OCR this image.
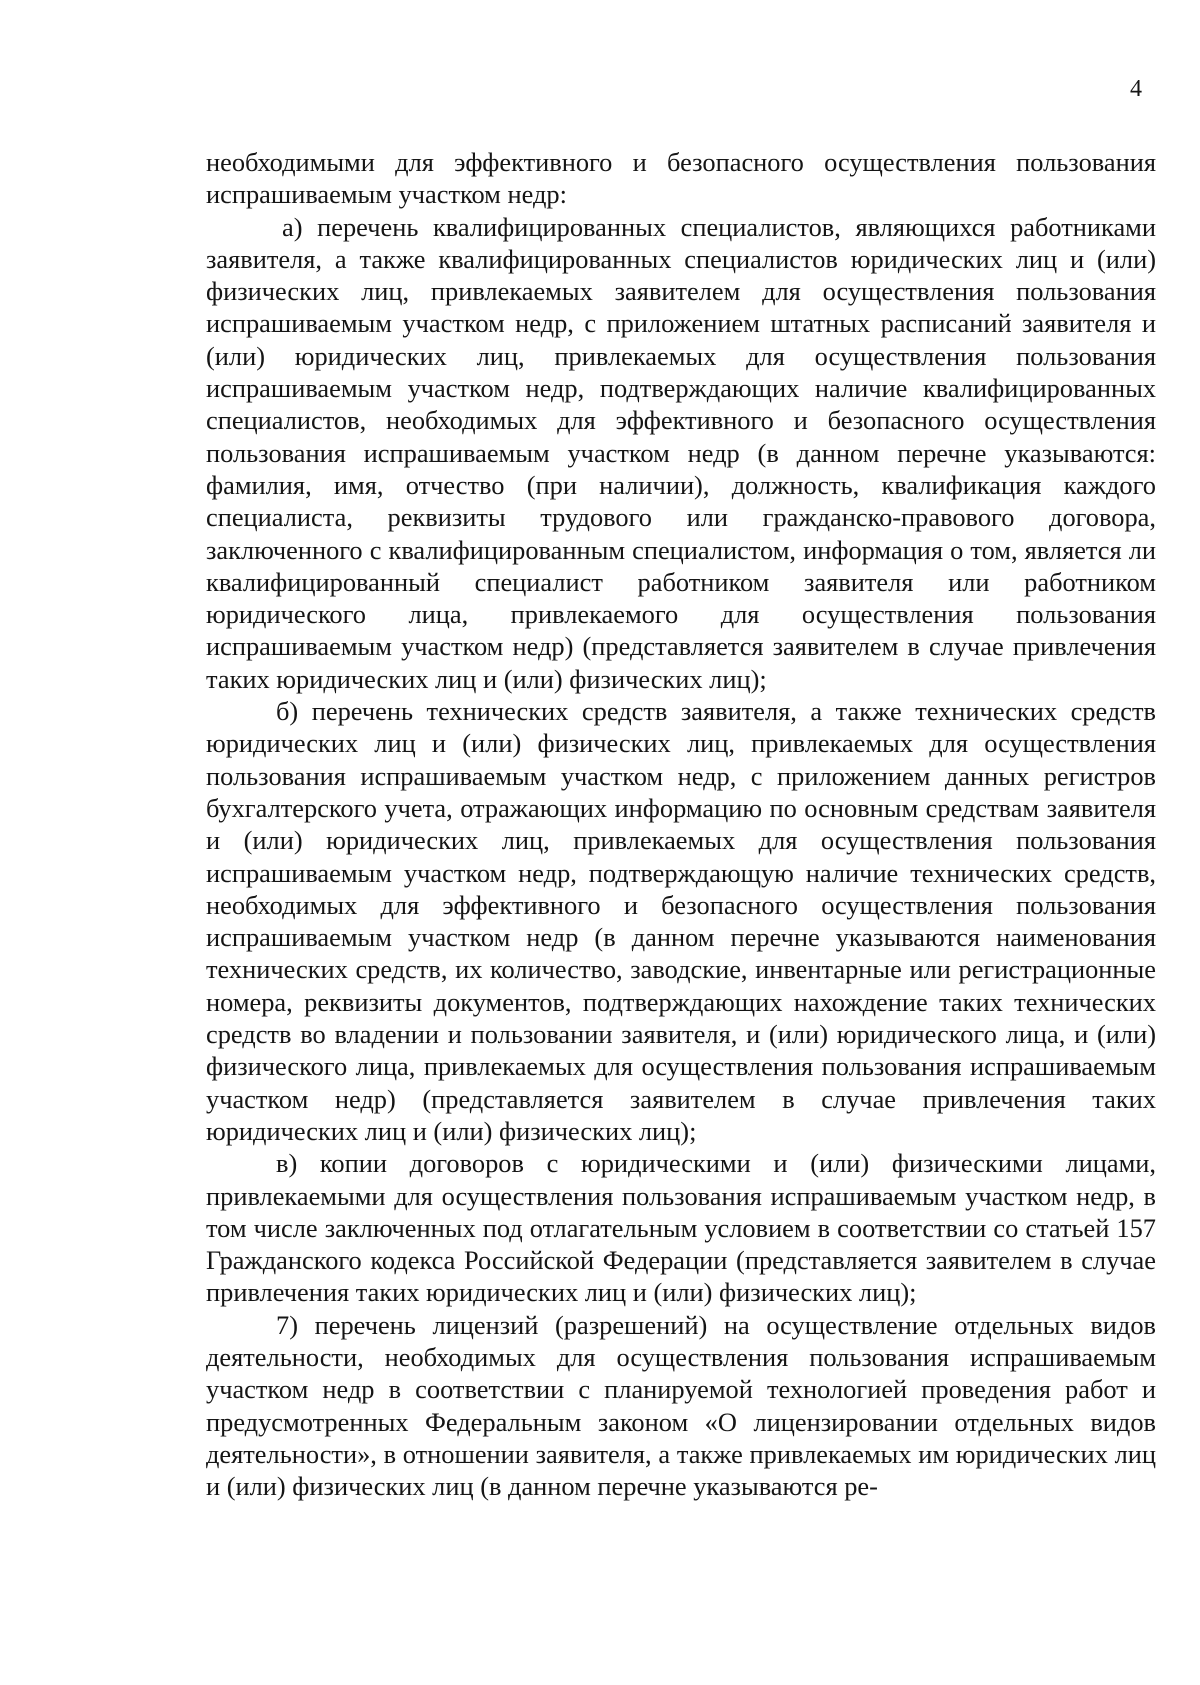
4

необходимыми для эффективного и безопасного осуществления пользования испрашиваемым участком недр:

а) перечень квалифицированных специалистов, являющихся работниками заявителя, а также квалифицированных специалистов юридических лиц и (или) физических лиц, привлекаемых заявителем для осуществления пользования испрашиваемым участком недр, с приложением штатных расписаний заявителя и (или) юридических лиц, привлекаемых для осуществления пользования испрашиваемым участком недр, подтверждающих наличие квалифицированных специалистов, необходимых для эффективного и безопасного осуществления пользования испрашиваемым участком недр (в данном перечне указываются: фамилия, имя, отчество (при наличии), должность, квалификация каждого специалиста, реквизиты трудового или гражданско-правового договора, заключенного с квалифицированным специалистом, информация о том, является ли квалифицированный специалист работником заявителя или работником юридического лица, привлекаемого для осуществления пользования испрашиваемым участком недр) (представляется заявителем в случае привлечения таких юридических лиц и (или) физических лиц);

б) перечень технических средств заявителя, а также технических средств юридических лиц и (или) физических лиц, привлекаемых для осуществления пользования испрашиваемым участком недр, с приложением данных регистров бухгалтерского учета, отражающих информацию по основным средствам заявителя и (или) юридических лиц, привлекаемых для осуществления пользования испрашиваемым участком недр, подтверждающую наличие технических средств, необходимых для эффективного и безопасного осуществления пользования испрашиваемым участком недр (в данном перечне указываются наименования технических средств, их количество, заводские, инвентарные или регистрационные номера, реквизиты документов, подтверждающих нахождение таких технических средств во владении и пользовании заявителя, и (или) юридического лица, и (или) физического лица, привлекаемых для осуществления пользования испрашиваемым участком недр) (представляется заявителем в случае привлечения таких юридических лиц и (или) физических лиц);

в) копии договоров с юридическими и (или) физическими лицами, привлекаемыми для осуществления пользования испрашиваемым участком недр, в том числе заключенных под отлагательным условием в соответствии со статьей 157 Гражданского кодекса Российской Федерации (представляется заявителем в случае привлечения таких юридических лиц и (или) физических лиц);

7) перечень лицензий (разрешений) на осуществление отдельных видов деятельности, необходимых для осуществления пользования испрашиваемым участком недр в соответствии с планируемой технологией проведения работ и предусмотренных Федеральным законом «О лицензировании отдельных видов деятельности», в отношении заявителя, а также привлекаемых им юридических лиц и (или) физических лиц (в данном перечне указываются ре-
